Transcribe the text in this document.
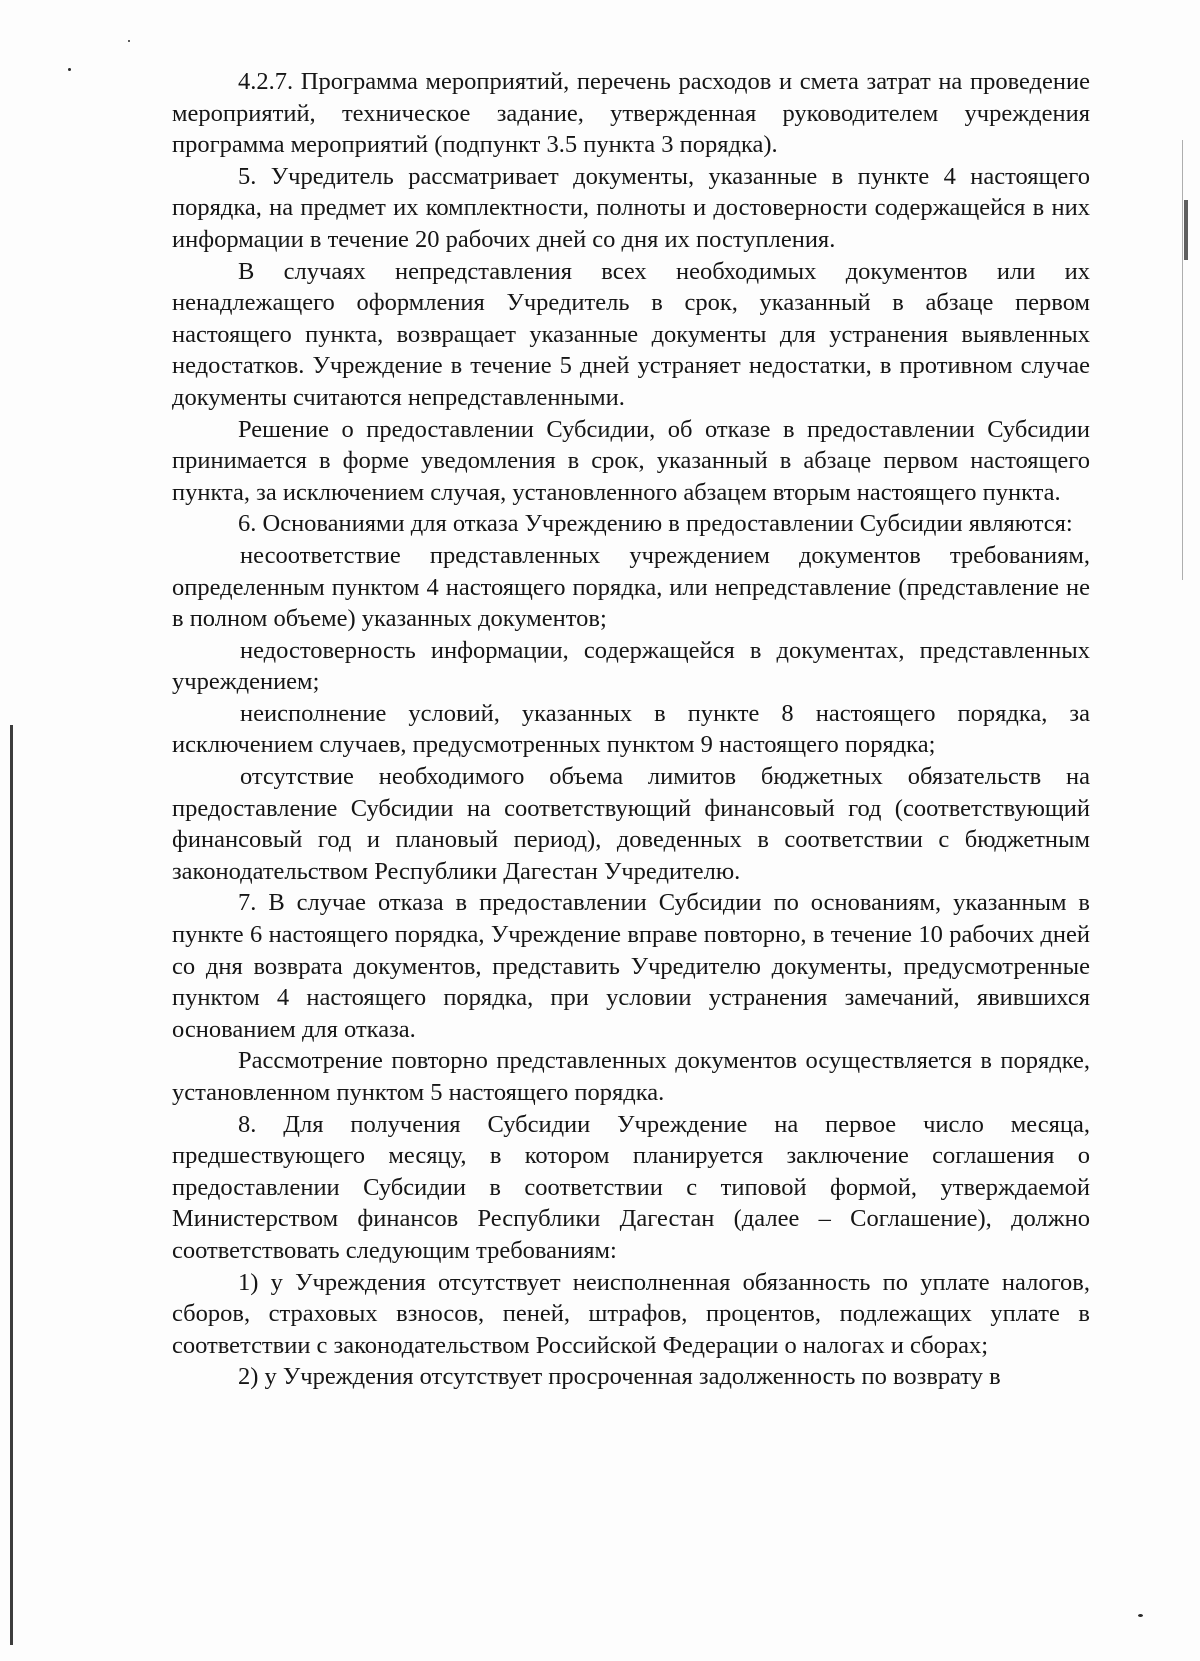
4.2.7. Программа мероприятий, перечень расходов и смета затрат на проведение мероприятий, техническое задание, утвержденная руководителем учреждения программа мероприятий (подпункт 3.5 пункта 3 порядка).

5. Учредитель рассматривает документы, указанные в пункте 4 настоящего порядка, на предмет их комплектности, полноты и достоверности содержащейся в них информации в течение 20 рабочих дней со дня их поступления.

В случаях непредставления всех необходимых документов или их ненадлежащего оформления Учредитель в срок, указанный в абзаце первом настоящего пункта, возвращает указанные документы для устранения выявленных недостатков. Учреждение в течение 5 дней устраняет недостатки, в противном случае документы считаются непредставленными.

Решение о предоставлении Субсидии, об отказе в предоставлении Субсидии принимается в форме уведомления в срок, указанный в абзаце первом настоящего пункта, за исключением случая, установленного абзацем вторым настоящего пункта.

6. Основаниями для отказа Учреждению в предоставлении Субсидии являются:

несоответствие представленных учреждением документов требованиям, определенным пунктом 4 настоящего порядка, или непредставление (представление не в полном объеме) указанных документов;

недостоверность информации, содержащейся в документах, представленных учреждением;

неисполнение условий, указанных в пункте 8 настоящего порядка, за исключением случаев, предусмотренных пунктом 9 настоящего порядка;

отсутствие необходимого объема лимитов бюджетных обязательств на предоставление Субсидии на соответствующий финансовый год (соответствующий финансовый год и плановый период), доведенных в соответствии с бюджетным законодательством Республики Дагестан Учредителю.

7. В случае отказа в предоставлении Субсидии по основаниям, указанным в пункте 6 настоящего порядка, Учреждение вправе повторно, в течение 10 рабочих дней со дня возврата документов, представить Учредителю документы, предусмотренные пунктом 4 настоящего порядка, при условии устранения замечаний, явившихся основанием для отказа.

Рассмотрение повторно представленных документов осуществляется в порядке, установленном пунктом 5 настоящего порядка.

8. Для получения Субсидии Учреждение на первое число месяца, предшествующего месяцу, в котором планируется заключение соглашения о предоставлении Субсидии в соответствии с типовой формой, утверждаемой Министерством финансов Республики Дагестан (далее – Соглашение), должно соответствовать следующим требованиям:

1) у Учреждения отсутствует неисполненная обязанность по уплате налогов, сборов, страховых взносов, пеней, штрафов, процентов, подлежащих уплате в соответствии с законодательством Российской Федерации о налогах и сборах;

2) у Учреждения отсутствует просроченная задолженность по возврату в
